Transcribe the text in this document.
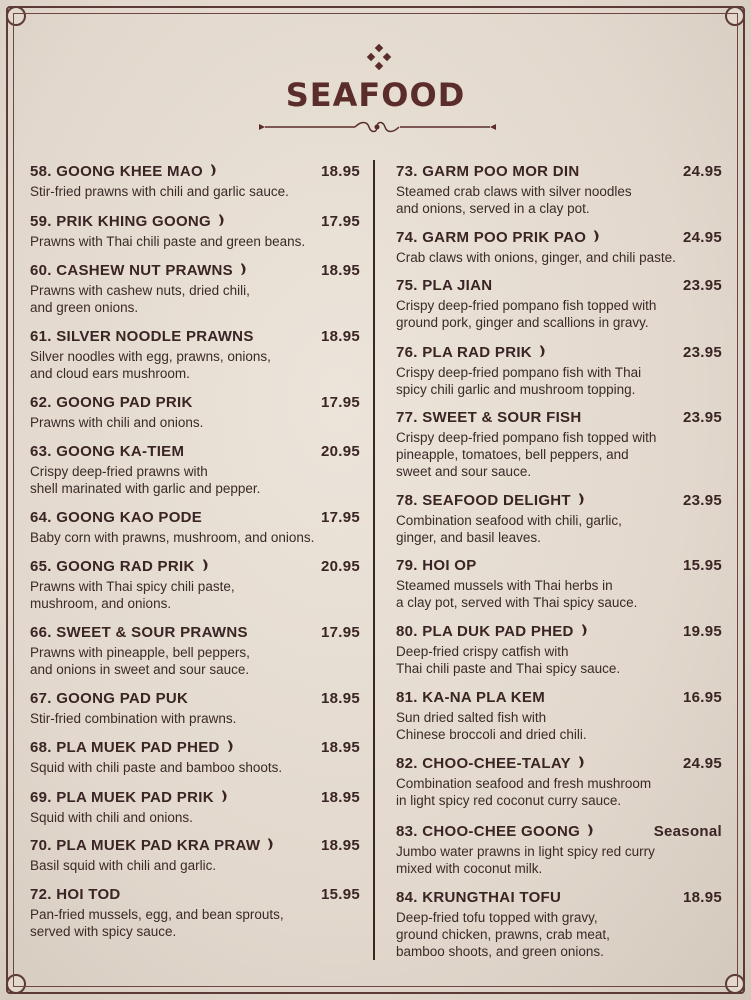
SEAFOOD
58. GOONG KHEE MAO	18.95
Stir-fried prawns with chili and garlic sauce.
59. PRIK KHING GOONG	17.95
Prawns with Thai chili paste and green beans.
60. CASHEW NUT PRAWNS	18.95
Prawns with cashew nuts, dried chili,
and green onions.
61. SILVER NOODLE PRAWNS	18.95
Silver noodles with egg, prawns, onions,
and cloud ears mushroom.
62. GOONG PAD PRIK	17.95
Prawns with chili and onions.
63. GOONG KA-TIEM	20.95
Crispy deep-fried prawns with
shell marinated with garlic and pepper.
64. GOONG KAO PODE	17.95
Baby corn with prawns, mushroom, and onions.
65. GOONG RAD PRIK	20.95
Prawns with Thai spicy chili paste,
mushroom, and onions.
66. SWEET & SOUR PRAWNS	17.95
Prawns with pineapple, bell peppers,
and onions in sweet and sour sauce.
67. GOONG PAD PUK	18.95
Stir-fried combination with prawns.
68. PLA MUEK PAD PHED	18.95
Squid with chili paste and bamboo shoots.
69. PLA MUEK PAD PRIK	18.95
Squid with chili and onions.
70. PLA MUEK PAD KRA PRAW	18.95
Basil squid with chili and garlic.
72. HOI TOD	15.95
Pan-fried mussels, egg, and bean sprouts,
served with spicy sauce.
73. GARM POO MOR DIN	24.95
Steamed crab claws with silver noodles
and onions, served in a clay pot.
74. GARM POO PRIK PAO	24.95
Crab claws with onions, ginger, and chili paste.
75. PLA JIAN	23.95
Crispy deep-fried pompano fish topped with
ground pork, ginger and scallions in gravy.
76. PLA RAD PRIK	23.95
Crispy deep-fried pompano fish with Thai
spicy chili garlic and mushroom topping.
77. SWEET & SOUR FISH	23.95
Crispy deep-fried pompano fish topped with
pineapple, tomatoes, bell peppers, and
sweet and sour sauce.
78. SEAFOOD DELIGHT	23.95
Combination seafood with chili, garlic,
ginger, and basil leaves.
79. HOI OP	15.95
Steamed mussels with Thai herbs in
a clay pot, served with Thai spicy sauce.
80. PLA DUK PAD PHED	19.95
Deep-fried crispy catfish with
Thai chili paste and Thai spicy sauce.
81. KA-NA PLA KEM	16.95
Sun dried salted fish with
Chinese broccoli and dried chili.
82. CHOO-CHEE-TALAY	24.95
Combination seafood and fresh mushroom
in light spicy red coconut curry sauce.
83. CHOO-CHEE GOONG	Seasonal
Jumbo water prawns in light spicy red curry
mixed with coconut milk.
84. KRUNGTHAI TOFU	18.95
Deep-fried tofu topped with gravy,
ground chicken, prawns, crab meat,
bamboo shoots, and green onions.
